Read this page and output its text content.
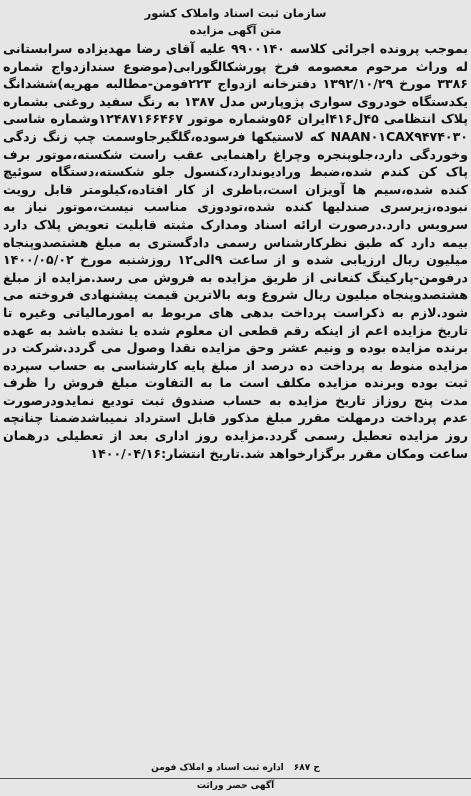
سازمان ثبت اسناد واملاک کشور
متن آگهی مزایده

بموجب پرونده اجرائی کلاسه ۹۹۰۰۱۴۰ علیه آقای رضا مهدیزاده سرابستانی له وراث مرحوم معصومه فرخ پورشکالگورابی(موضوع سندازدواج شماره ۳۳۸۶ مورخ ۱۳۹۲/۱۰/۲۹ دفترخانه ازدواج ۲۲۳فومن-مطالبه مهریه)ششدانگ یکدستگاه خودروی سواری پژوپارس مدل ۱۳۸۷ به رنگ سفید روغنی بشماره پلاک انتظامی ۴۵ل۴۱۶ایران ۵۶وشماره موتور ۱۲۴۸۷۱۶۶۴۶۷وشماره شاسی NAAN۰۱CAX۹۴۷۴۰۳۰ که لاستیکها فرسوده،گلگیرجاوسمت چپ زنگ زدگی وخوردگی دارد،جلوپنجره وچراغ راهنمایی عقب راست شکسته،موتور برف پاک کن کندم شده،ضبط وراديوندارد،کنسول جلو شکسته،دستگاه سوئيچ کنده شده،سیم ها آویزان است،باطری از کار افتاده،کیلومتر قابل رویت نبوده،زیرسری صندلیها کنده شده،تودوزی مناسب نیست،موتور نیاز به سرویس دارد.درصورت ارائه اسناد ومدارک مثبته قابلیت تعویض پلاک دارد بیمه دارد که طبق نظرکارشناس رسمی دادگستری به مبلغ هشتصدوپنجاه میلیون ریال ارزیابی شده و از ساعت ۹الی۱۲ روزشنبه مورخ ۱۴۰۰/۰۵/۰۲ درفومن-پارکینگ کنعانی از طریق مزایده به فروش می رسد.مزایده از مبلغ هشتصدوپنجاه میلیون ریال شروع وبه بالاترین قیمت پیشنهادی فروخته می شود.لازم به ذکراست پرداخت بدهی های مربوط به امورمالیاتی وغیره تا تاریخ مزایده اعم از اینکه رقم قطعی ان معلوم شده یا نشده باشد به عهده برنده مزایده بوده و ونیم عشر وحق مزایده نقدا وصول می گردد.شرکت در مزایده منوط به پرداخت ده درصد از مبلغ پایه کارشناسی به حساب سپرده ثبت بوده وبرنده مزایده مکلف است ما به التفاوت مبلغ فروش را ظرف مدت پنج روزاز تاریخ مزایده به حساب صندوق ثبت توديع نمايدودرصورت عدم پرداخت درمهلت مقرر مبلغ مذکور قابل استرداد نمیباشدضمنا چنانچه روز مزایده تعطیل رسمی گردد.مزایده روز اداری بعد از تعطیلی درهمان ساعت ومکان مقرر برگزارخواهد شد.تاریخ انتشار:۱۴۰۰/۰۴/۱۶

ح ۶۸۷
اداره ثبت اسناد و املاک فومن
آگهی حصر وراثت
